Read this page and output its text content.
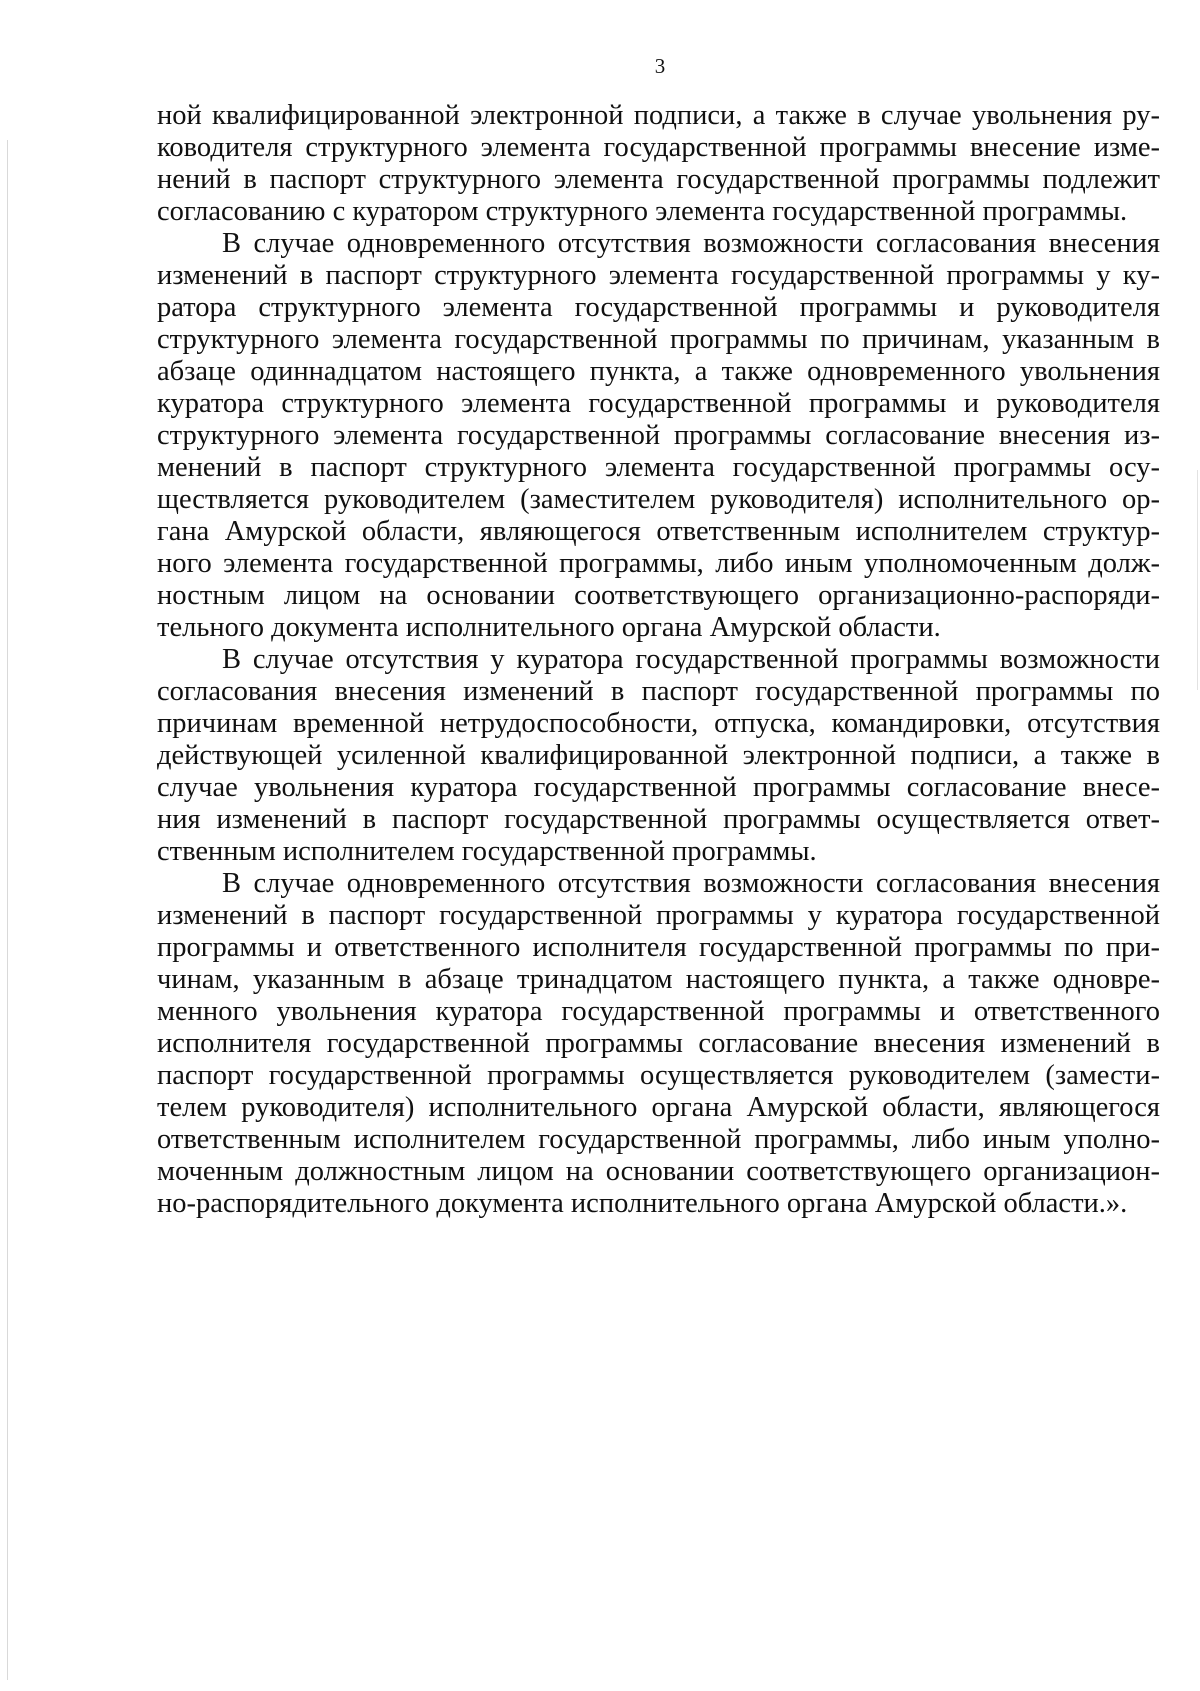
3
ной квалифицированной электронной подписи, а также в случае увольнения ру-
ководителя структурного элемента государственной программы внесение изме-
нений в паспорт структурного элемента государственной программы подлежит
согласованию с куратором структурного элемента государственной программы.
В случае одновременного отсутствия возможности согласования внесения
изменений в паспорт структурного элемента государственной программы у ку-
ратора структурного элемента государственной программы и руководителя
структурного элемента государственной программы по причинам, указанным в
абзаце одиннадцатом настоящего пункта, а также одновременного увольнения
куратора структурного элемента государственной программы и руководителя
структурного элемента государственной программы согласование внесения из-
менений в паспорт структурного элемента государственной программы осу-
ществляется руководителем (заместителем руководителя) исполнительного ор-
гана Амурской области, являющегося ответственным исполнителем структур-
ного элемента государственной программы, либо иным уполномоченным долж-
ностным лицом на основании соответствующего организационно-распоряди-
тельного документа исполнительного органа Амурской области.
В случае отсутствия у куратора государственной программы возможности
согласования внесения изменений в паспорт государственной программы по
причинам временной нетрудоспособности, отпуска, командировки, отсутствия
действующей усиленной квалифицированной электронной подписи, а также в
случае увольнения куратора государственной программы согласование внесе-
ния изменений в паспорт государственной программы осуществляется ответ-
ственным исполнителем государственной программы.
В случае одновременного отсутствия возможности согласования внесения
изменений в паспорт государственной программы у куратора государственной
программы и ответственного исполнителя государственной программы по при-
чинам, указанным в абзаце тринадцатом настоящего пункта, а также одновре-
менного увольнения куратора государственной программы и ответственного
исполнителя государственной программы согласование внесения изменений в
паспорт государственной программы осуществляется руководителем (замести-
телем руководителя) исполнительного органа Амурской области, являющегося
ответственным исполнителем государственной программы, либо иным уполно-
моченным должностным лицом на основании соответствующего организацион-
но-распорядительного документа исполнительного органа Амурской области.».
